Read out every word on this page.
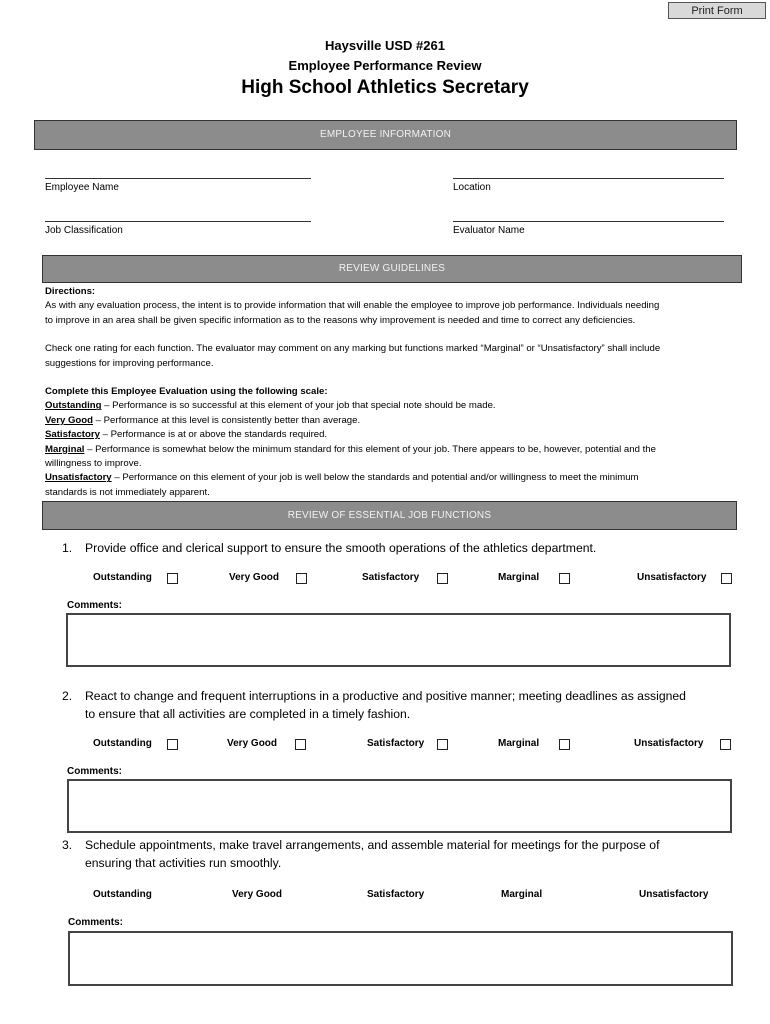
Print Form
Haysville USD #261
Employee Performance Review
High School Athletics Secretary
EMPLOYEE INFORMATION
Employee Name	Location
Job Classification	Evaluator Name
REVIEW GUIDELINES
Directions:
As with any evaluation process, the intent is to provide information that will enable the employee to improve job performance. Individuals needing
to improve in an area shall be given specific information as to the reasons why improvement is needed and time to correct any deficiencies.
Check one rating for each function. The evaluator may comment on any marking but functions marked “Marginal” or “Unsatisfactory” shall include
suggestions for improving performance.
Complete this Employee Evaluation using the following scale:
Outstanding – Performance is so successful at this element of your job that special note should be made.
Very Good – Performance at this level is consistently better than average.
Satisfactory – Performance is at or above the standards required.
Marginal – Performance is somewhat below the minimum standard for this element of your job. There appears to be, however, potential and the
willingness to improve.
Unsatisfactory – Performance on this element of your job is well below the standards and potential and/or willingness to meet the minimum
standards is not immediately apparent.
REVIEW OF ESSENTIAL JOB FUNCTIONS
1. Provide office and clerical support to ensure the smooth operations of the athletics department.
Outstanding	Very Good	Satisfactory	Marginal	Unsatisfactory
Comments:
2. React to change and frequent interruptions in a productive and positive manner; meeting deadlines as assigned
to ensure that all activities are completed in a timely fashion.
Outstanding	Very Good	Satisfactory	Marginal	Unsatisfactory
Comments:
3. Schedule appointments, make travel arrangements, and assemble material for meetings for the purpose of
ensuring that activities run smoothly.
Outstanding	Very Good	Satisfactory	Marginal	Unsatisfactory
Comments:
